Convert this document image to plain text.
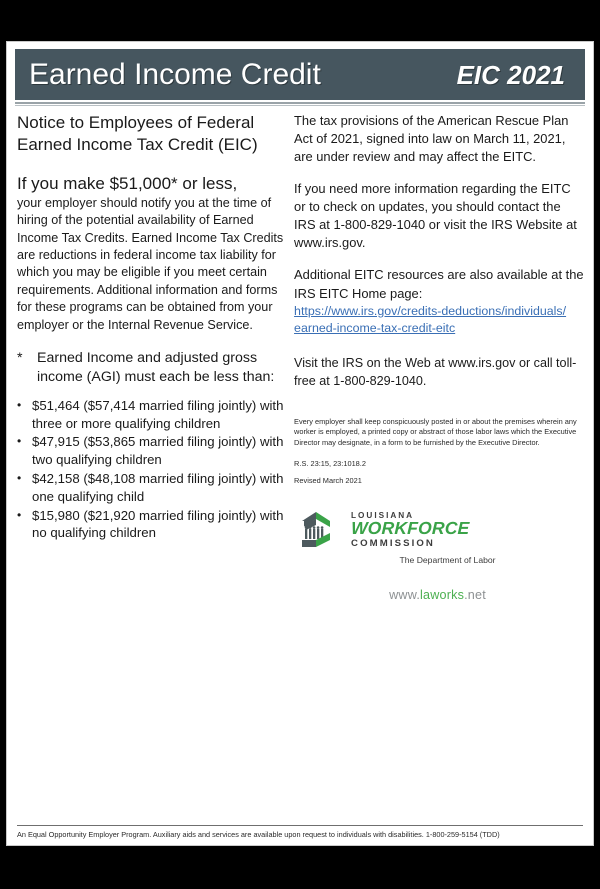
Earned Income Credit	EIC 2021
Notice to Employees of Federal Earned Income Tax Credit (EIC)
If you make $51,000* or less,
your employer should notify you at the time of hiring of the potential availability of Earned Income Tax Credits. Earned Income Tax Credits are reductions in federal income tax liability for which you may be eligible if you meet certain requirements. Additional information and forms for these programs can be obtained from your employer or the Internal Revenue Service.
*	Earned Income and adjusted gross income (AGI) must each be less than:
• $51,464 ($57,414 married filing jointly) with three or more qualifying children
• $47,915 ($53,865 married filing jointly) with two qualifying children
• $42,158 ($48,108 married filing jointly) with one qualifying child
• $15,980 ($21,920 married filing jointly) with no qualifying children
The tax provisions of the American Rescue Plan Act of 2021, signed into law on March 11, 2021, are under review and may affect the EITC.
If you need more information regarding the EITC or to check on updates, you should contact the IRS at 1-800-829-1040 or visit the IRS Website at www.irs.gov.
Additional EITC resources are also available at the IRS EITC Home page:
https://www.irs.gov/credits-deductions/individuals/
earned-income-tax-credit-eitc
Visit the IRS on the Web at www.irs.gov or call toll-free at 1-800-829-1040.
Every employer shall keep conspicuously posted in or about the premises wherein any worker is employed, a printed copy or abstract of those labor laws which the Executive Director may designate, in a form to be furnished by the Executive Director.
R.S. 23:15, 23:1018.2
Revised March 2021
LOUISIANA
WORKFORCE
COMMISSION
The Department of Labor
www.laworks.net
An Equal Opportunity Employer Program. Auxiliary aids and services are available upon request to individuals with disabilities. 1-800-259-5154 (TDD)
